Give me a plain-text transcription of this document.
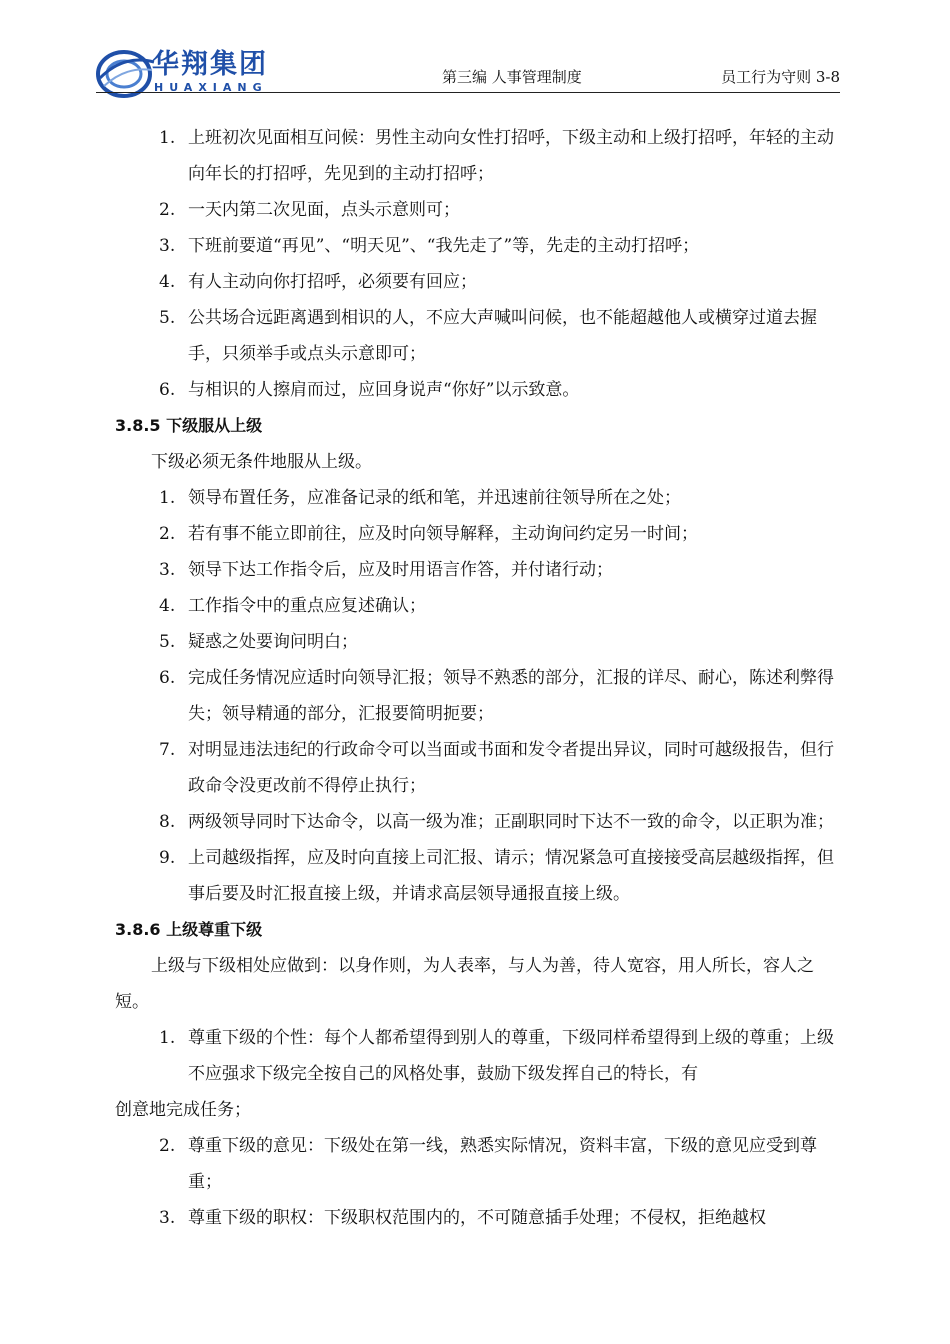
华翔集团
HUAXIANG
第三编 人事管理制度	员工行为守则 3-8
1. 上班初次见面相互问候：男性主动向女性打招呼，下级主动和上级打招呼，年轻的主动向年长的打招呼，先见到的主动打招呼；
2. 一天内第二次见面，点头示意则可；
3. 下班前要道“再见”、“明天见”、“我先走了”等，先走的主动打招呼；
4. 有人主动向你打招呼，必须要有回应；
5. 公共场合远距离遇到相识的人，不应大声喊叫问候，也不能超越他人或横穿过道去握手，只须举手或点头示意即可；
6. 与相识的人擦肩而过，应回身说声“你好”以示致意。
3.8.5 下级服从上级
下级必须无条件地服从上级。
1. 领导布置任务，应准备记录的纸和笔，并迅速前往领导所在之处；
2. 若有事不能立即前往，应及时向领导解释，主动询问约定另一时间；
3. 领导下达工作指令后，应及时用语言作答，并付诸行动；
4. 工作指令中的重点应复述确认；
5. 疑惑之处要询问明白；
6. 完成任务情况应适时向领导汇报；领导不熟悉的部分，汇报的详尽、耐心，陈述利弊得失；领导精通的部分，汇报要简明扼要；
7. 对明显违法违纪的行政命令可以当面或书面和发令者提出异议，同时可越级报告，但行政命令没更改前不得停止执行；
8. 两级领导同时下达命令，以高一级为准；正副职同时下达不一致的命令，以正职为准；
9. 上司越级指挥，应及时向直接上司汇报、请示；情况紧急可直接接受高层越级指挥，但事后要及时汇报直接上级，并请求高层领导通报直接上级。
3.8.6 上级尊重下级
上级与下级相处应做到：以身作则，为人表率，与人为善，待人宽容，用人所长，容人之短。
1. 尊重下级的个性：每个人都希望得到别人的尊重，下级同样希望得到上级的尊重；上级不应强求下级完全按自己的风格处事，鼓励下级发挥自己的特长，有
创意地完成任务；
2. 尊重下级的意见：下级处在第一线，熟悉实际情况，资料丰富，下级的意见应受到尊重；
3. 尊重下级的职权：下级职权范围内的，不可随意插手处理；不侵权，拒绝越权
